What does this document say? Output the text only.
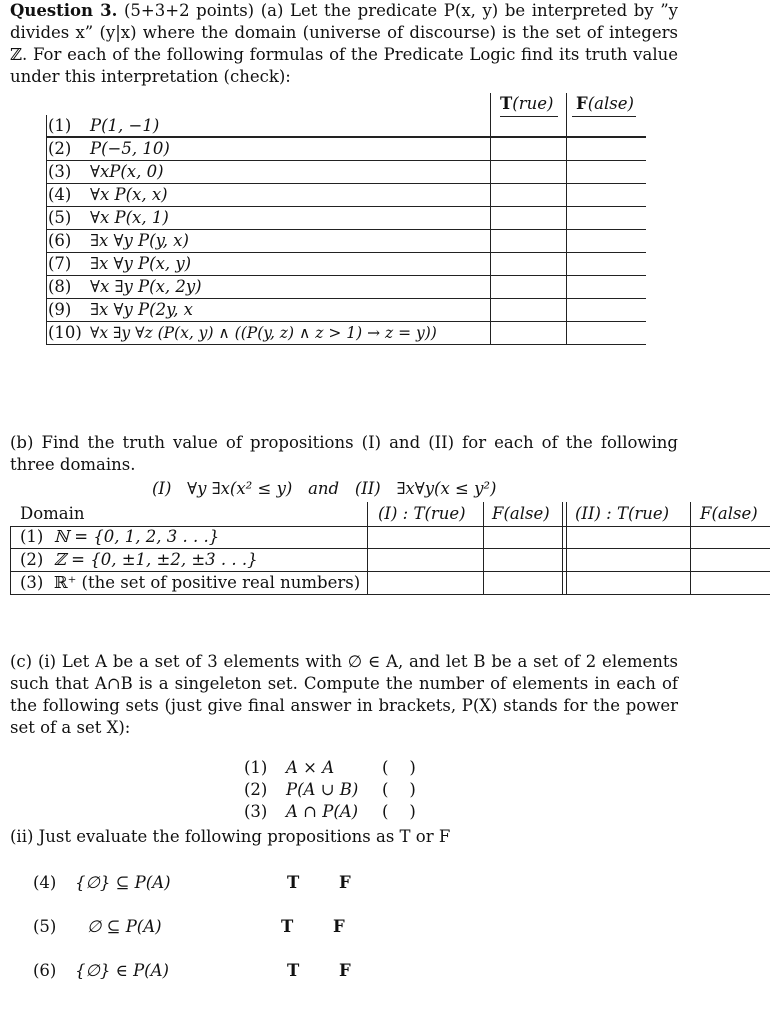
Question 3. (5+3+2 points) (a) Let the predicate P(x, y) be interpreted by ”y divides x” (y|x) where the domain (universe of discourse) is the set of integers ℤ. For each of the following formulas of the Predicate Logic find its truth value under this interpretation (check):
T(rue) F(alse)
(1)	P(1, −1)
(2)	P(−5, 10)
(3)	∀xP(x, 0)
(4)	∀x P(x, x)
(5)	∀x P(x, 1)
(6)	∃x ∀y P(y, x)
(7)	∃x ∀y P(x, y)
(8)	∀x ∃y P(x, 2y)
(9)	∃x ∀y P(2y, x
(10) ∀x ∃y ∀z (P(x, y) ∧ ((P(y, z) ∧ z > 1) → z = y))
(b) Find the truth value of propositions (I) and (II) for each of the following three domains.
(I)   ∀y ∃x(x² ≤ y)   and   (II)   ∃x∀y(x ≤ y²)
Domain	(I) : T(rue) F(alse) (II) : T(rue) F(alse)
(1) ℕ = {0, 1, 2, 3 . . .}
(2) ℤ = {0, ±1, ±2, ±3 . . .}
(3) ℝ⁺ (the set of positive real numbers)
(c) (i) Let A be a set of 3 elements with ∅ ∈ A, and let B be a set of 2 elements such that A∩B is a singeleton set. Compute the number of elements in each of the following sets (just give final answer in brackets, P(X) stands for the power set of a set X):
(1) A × A	(    )
(2) P(A ∪ B) (    )
(3) A ∩ P(A) (    )
(ii) Just evaluate the following propositions as T or F
(4) {∅} ⊆ P(A)	T F
(5) ∅ ⊆ P(A)	T F
(6) {∅} ∈ P(A)	T F
